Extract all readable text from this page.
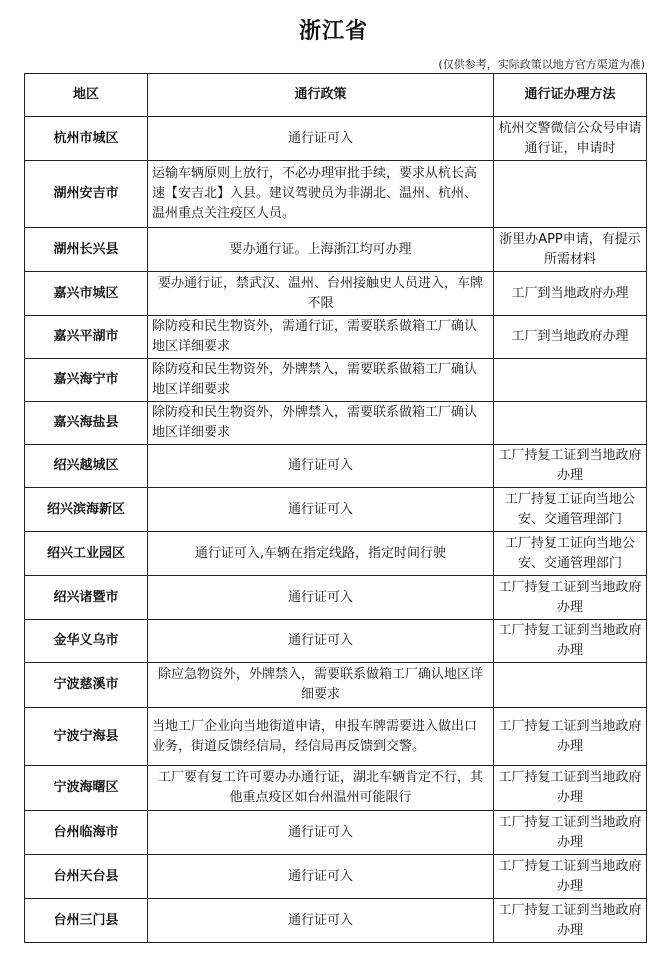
浙江省
(仅供参考，实际政策以地方官方渠道为准)
地区	通行政策	通行证办理方法
杭州市城区	通行证可入	杭州交警微信公众号申请通行证，申请时
湖州安吉市	运输车辆原则上放行，不必办理审批手续，要求从杭长高速【安吉北】入县。建议驾驶员为非湖北、温州、杭州、温州重点关注疫区人员。	
湖州长兴县	要办通行证。上海浙江均可办理	浙里办APP申请，有提示所需材料
嘉兴市城区	要办通行证，禁武汉、温州、台州接触史人员进入，车牌不限	工厂到当地政府办理
嘉兴平湖市	除防疫和民生物资外，需通行证，需要联系做箱工厂确认地区详细要求	工厂到当地政府办理
嘉兴海宁市	除防疫和民生物资外，外牌禁入，需要联系做箱工厂确认地区详细要求	
嘉兴海盐县	除防疫和民生物资外，外牌禁入，需要联系做箱工厂确认地区详细要求	
绍兴越城区	通行证可入	工厂持复工证到当地政府办理
绍兴滨海新区	通行证可入	工厂持复工证向当地公安、交通管理部门
绍兴工业园区	通行证可入,车辆在指定线路，指定时间行驶	工厂持复工证向当地公安、交通管理部门
绍兴诸暨市	通行证可入	工厂持复工证到当地政府办理
金华义乌市	通行证可入	工厂持复工证到当地政府办理
宁波慈溪市	除应急物资外，外牌禁入，需要联系做箱工厂确认地区详细要求	
宁波宁海县	当地工厂企业向当地街道申请，申报车牌需要进入做出口业务，街道反馈经信局，经信局再反馈到交警。	工厂持复工证到当地政府办理
宁波海曙区	工厂要有复工许可要办办通行证，湖北车辆肯定不行，其他重点疫区如台州温州可能限行	工厂持复工证到当地政府办理
台州临海市	通行证可入	工厂持复工证到当地政府办理
台州天台县	通行证可入	工厂持复工证到当地政府办理
台州三门县	通行证可入	工厂持复工证到当地政府办理
